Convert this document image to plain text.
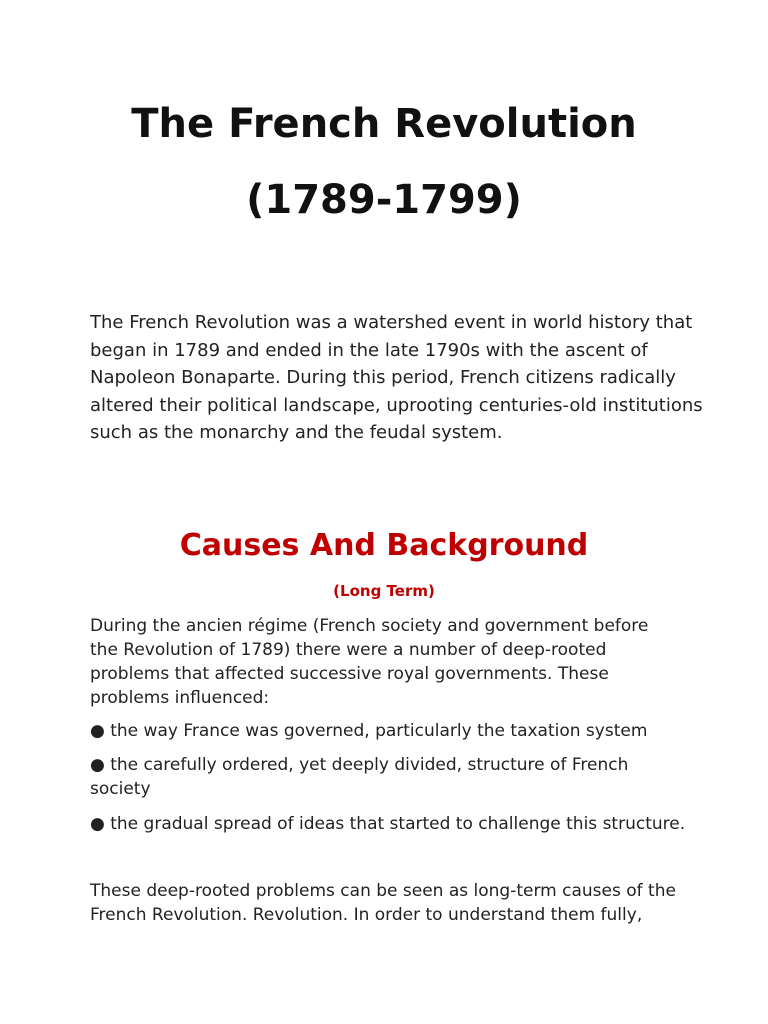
The French Revolution
(1789-1799)

The French Revolution was a watershed event in world history that began in 1789 and ended in the late 1790s with the ascent of Napoleon Bonaparte. During this period, French citizens radically altered their political landscape, uprooting centuries-old institutions such as the monarchy and the feudal system.

Causes And Background
(Long Term)

During the ancien régime (French society and government before the Revolution of 1789) there were a number of deep-rooted problems that affected successive royal governments. These problems influenced:

● the way France was governed, particularly the taxation system

● the carefully ordered, yet deeply divided, structure of French society

● the gradual spread of ideas that started to challenge this structure.

These deep-rooted problems can be seen as long-term causes of the French Revolution. Revolution. In order to understand them fully,
